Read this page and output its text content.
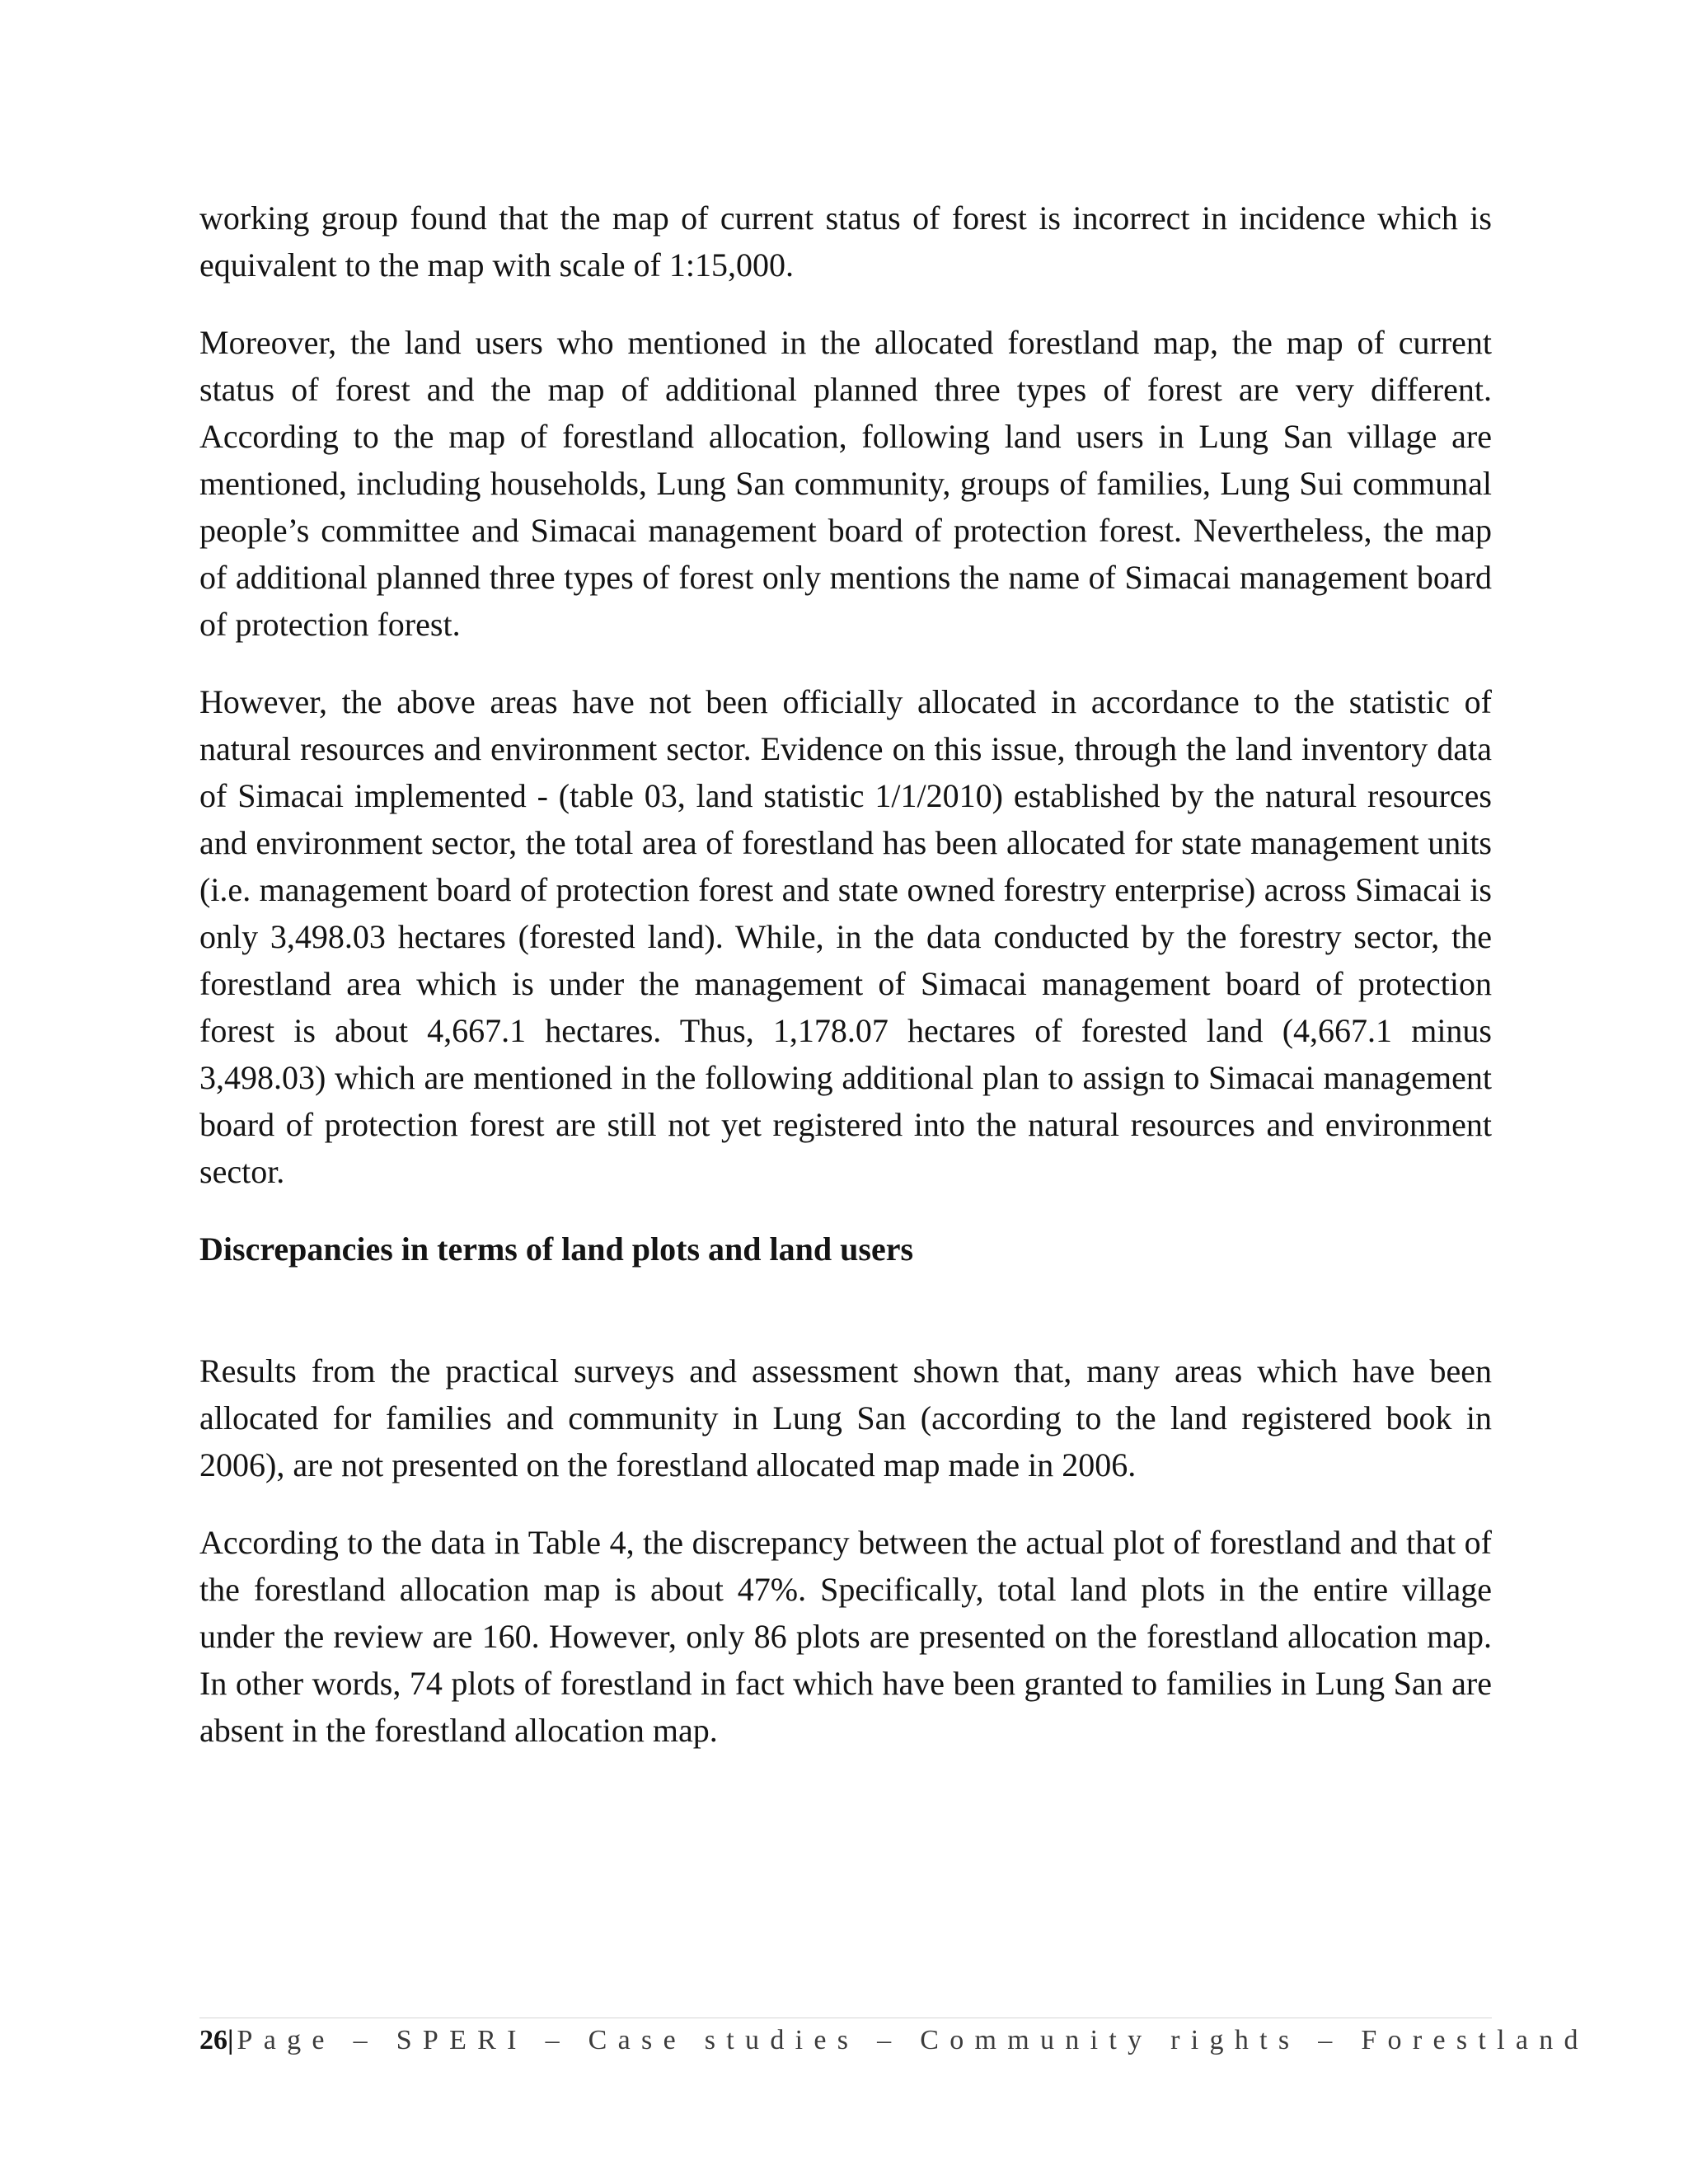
working group found that the map of current status of forest is incorrect in incidence which is equivalent to the map with scale of 1:15,000.

Moreover, the land users who mentioned in the allocated forestland map, the map of current status of forest and the map of additional planned three types of forest are very different. According to the map of forestland allocation, following land users in Lung San village are mentioned, including households, Lung San community, groups of families, Lung Sui communal people’s committee and Simacai management board of protection forest. Nevertheless, the map of additional planned three types of forest only mentions the name of Simacai management board of protection forest.

However, the above areas have not been officially allocated in accordance to the statistic of natural resources and environment sector. Evidence on this issue, through the land inventory data of Simacai implemented - (table 03, land statistic 1/1/2010) established by the natural resources and environment sector, the total area of forestland has been allocated for state management units (i.e. management board of protection forest and state owned forestry enterprise) across Simacai is only 3,498.03 hectares (forested land). While, in the data conducted by the forestry sector, the forestland area which is under the management of Simacai management board of protection forest is about 4,667.1 hectares. Thus, 1,178.07 hectares of forested land (4,667.1 minus 3,498.03) which are mentioned in the following additional plan to assign to Simacai management board of protection forest are still not yet registered into the natural resources and environment sector.

Discrepancies in terms of land plots and land users

Results from the practical surveys and assessment shown that, many areas which have been allocated for families and community in Lung San (according to the land registered book in 2006), are not presented on the forestland allocated map made in 2006.

According to the data in Table 4, the discrepancy between the actual plot of forestland and that of the forestland allocation map is about 47%. Specifically, total land plots in the entire village under the review are 160. However, only 86 plots are presented on the forestland allocation map. In other words, 74 plots of forestland in fact which have been granted to families in Lung San are absent in the forestland allocation map.

26| Page – SPERI – Case studies – Community rights – Forestland
